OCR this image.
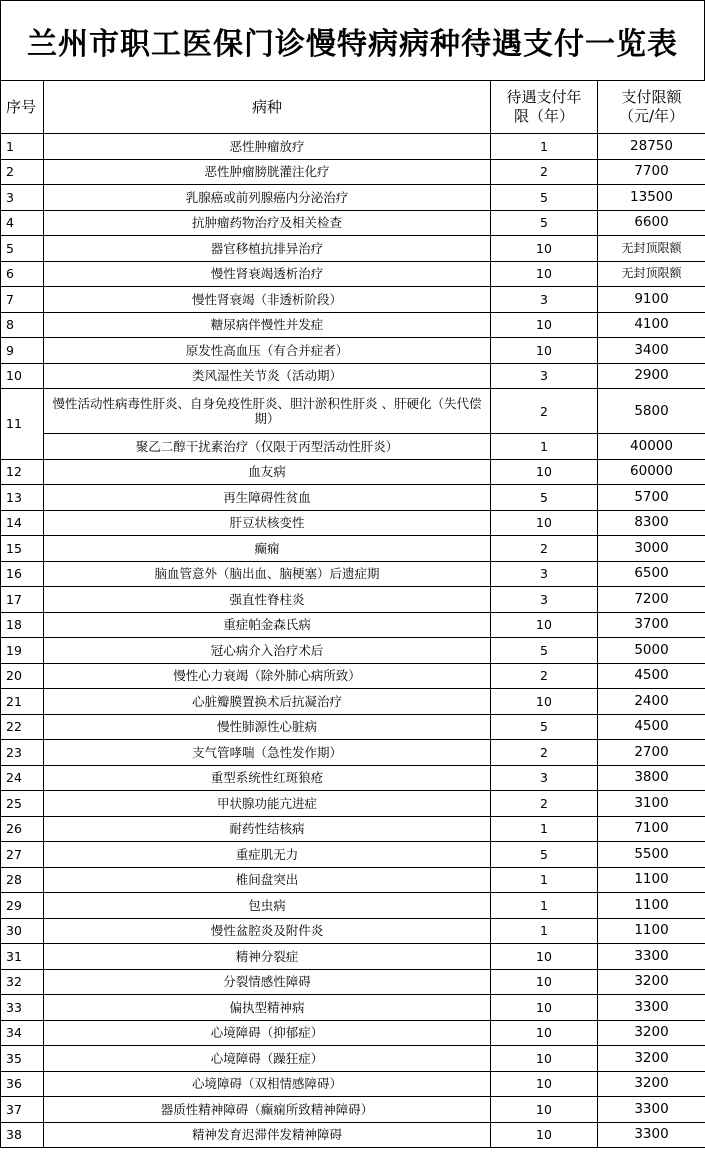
兰州市职工医保门诊慢特病病种待遇支付一览表
序号	病种	待遇支付年限（年）	支付限额（元/年）
1	恶性肿瘤放疗	1	28750
2	恶性肿瘤膀胱灌注化疗	2	7700
3	乳腺癌或前列腺癌内分泌治疗	5	13500
4	抗肿瘤药物治疗及相关检查	5	6600
5	器官移植抗排异治疗	10	无封顶限额
6	慢性肾衰竭透析治疗	10	无封顶限额
7	慢性肾衰竭（非透析阶段）	3	9100
8	糖尿病伴慢性并发症	10	4100
9	原发性高血压（有合并症者）	10	3400
10	类风湿性关节炎（活动期）	3	2900
11	慢性活动性病毒性肝炎、自身免疫性肝炎、胆汁淤积性肝炎 、肝硬化（失代偿期）	2	5800
	聚乙二醇干扰素治疗（仅限于丙型活动性肝炎）	1	40000
12	血友病	10	60000
13	再生障碍性贫血	5	5700
14	肝豆状核变性	10	8300
15	癫痫	2	3000
16	脑血管意外（脑出血、脑梗塞）后遗症期	3	6500
17	强直性脊柱炎	3	7200
18	重症帕金森氏病	10	3700
19	冠心病介入治疗术后	5	5000
20	慢性心力衰竭（除外肺心病所致）	2	4500
21	心脏瓣膜置换术后抗凝治疗	10	2400
22	慢性肺源性心脏病	5	4500
23	支气管哮喘（急性发作期）	2	2700
24	重型系统性红斑狼疮	3	3800
25	甲状腺功能亢进症	2	3100
26	耐药性结核病	1	7100
27	重症肌无力	5	5500
28	椎间盘突出	1	1100
29	包虫病	1	1100
30	慢性盆腔炎及附件炎	1	1100
31	精神分裂症	10	3300
32	分裂情感性障碍	10	3200
33	偏执型精神病	10	3300
34	心境障碍（抑郁症）	10	3200
35	心境障碍（躁狂症）	10	3200
36	心境障碍（双相情感障碍）	10	3200
37	器质性精神障碍（癫痫所致精神障碍）	10	3300
38	精神发育迟滞伴发精神障碍	10	3300
